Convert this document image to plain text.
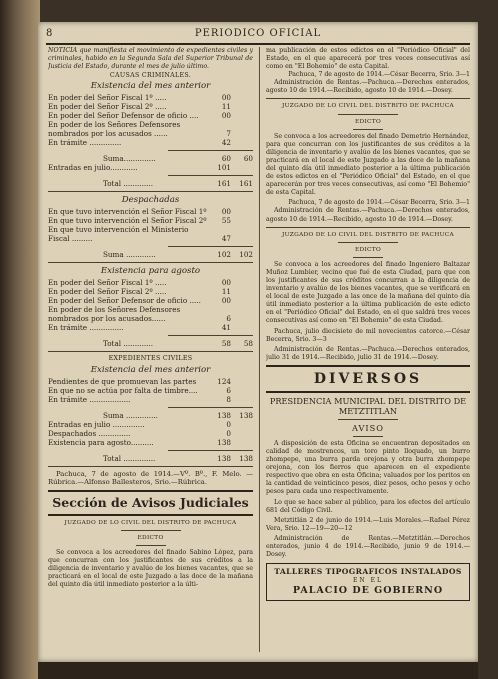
8	PERIODICO OFICIAL
NOTICIA que manifiesta el movimiento de expedientes civiles y criminales, habido en la Segunda Sala del Superior Tribunal de Justicia del Estado, durante el mes de julio último.
CAUSAS CRIMINALES.
Existencia del mes anterior
En poder del Señor Fiscal 1º .....	00
En poder del Señor Fiscal 2º .....	11
En poder del Señor Defensor de oficio ....	00
En poder de los Señores Defensores nombrados por los acusados ......	7
En trámite ..............	42
Suma..............	60	60
Entradas en julio............	101
Total .............	161	161
Despachadas
En que tuvo intervención el Señor Fiscal 1º	00
En que tuvo intervención el Señor Fiscal 2º	55
En que tuvo intervención el Ministerio Fiscal .........	47
Suma .............	102	102
Existencia para agosto
En poder del Señor Fiscal 1º .....	00
En poder del Señor Fiscal 2º .....	11
En poder del Señor Defensor de oficio .....	00
En poder de los Señores Defensores nombrados por los acusados......	6
En trámite ...............	41
Total .............	58	58
EXPEDIENTES CIVILES
Existencia del mes anterior
Pendientes de que promuevan las partes	124
En que no se actúa por falta de timbre....	6
En trámite ..................	8
Suma ..............	138	138
Entradas en julio ..............	0
Despachados ..............	0
Existencia para agosto..........	138
Total ..............	138	138
Pachuca, 7 de agosto de 1914.—Vº. Bº., F. Melo. —Rúbrica.—Alfonso Ballesteros, Srio.—Rúbrica.
Sección de Avisos Judiciales
JUZGADO DE LO CIVIL DEL DISTRITO DE PACHUCA
EDICTO

Se convoca a los acreedores del finado Sabino López, para que concurran con los justificantes de sus créditos a la diligencia de inventario y avalúo de los bienes vacantes, que se practicará en el local de este Juzgado a las doce de la mañana del quinto día útil inmediato posterior a la últi-

ma publicación de estos edictos en el "Periódico Oficial" del Estado, en el que aparecerá por tres veces consecutivas así como en "El Bohemio" de esta Capital.
Pachuca, 7 de agosto de 1914.—César Becerra, Srio. 3—1

Administración de Rentas.—Pachuca.—Derechos enterados, agosto 10 de 1914.—Recibido, agosto 10 de 1914.—Dosey.

JUZGADO DE LO CIVIL DEL DISTRITO DE PACHUCA
EDICTO

Se convoca a los acreedores del finado Demetrio Hernández, para que concurran con los justificantes de sus créditos a la diligencia de inventario y avalúo de los bienes vacantes, que se practicará en el local de este Juzgado a las doce de la mañana del quinto día útil inmediato posterior a la última publicación de estos edictos en el "Periódico Oficial" del Estado, en el que aparecerán por tres veces consecutivas, así como "El Bohemio" de esta Capital.

Pachuca, 7 de agosto de 1914.—César Becerra, Srio. 3—1

Administración de Rentas.—Pachuca.—Derechos enterados, agosto 10 de 1914.—Recibido, agosto 10 de 1914.—Dosey.

JUZGADO DE LO CIVIL DEL DISTRITO DE PACHUCA
EDICTO

Se convoca a los acreedores del finado Ingeniero Baltazar Muñoz Lumbier, vecino que fué de esta Ciudad, para que con los justificantes de sus créditos concurran a la diligencia de inventario y avalúo de los bienes vacantes, que se verificará en el local de este Juzgado a las once de la mañana del quinto día útil inmediato posterior a la última publicación de este edicto en el "Periódico Oficial" del Estado, en el que saldrá tres veces consecutivas así como en "El Bohemio" de esta Ciudad.

Pachuca, julio diecisiete de mil novecientos catorce.—César Becerra, Srio. 3—3

Administración de Rentas.—Pachuca.—Derechos enterados, julio 31 de 1914.—Recibido, julio 31 de 1914.—Dosey.

DIVERSOS
PRESIDENCIA MUNICIPAL DEL DISTRITO DE METZTITLAN
AVISO

A disposición de esta Oficina se encuentran depositados en calidad de mostrencos, un toro pinto lloquado, un burro zhompepe, una burra parda orejona y otra burra zhompepe orejona, con los fierros que aparecen en el expediente respectivo que obra en esta Oficina; valuados por los peritos en la cantidad de veinticinco pesos, diez pesos, ocho pesos y ocho pesos para cada uno respectivamente.

Lo que se hace saber al público, para los efectos del artículo 681 del Código Civil.

Metztitlán 2 de junio de 1914.—Luis Morales.—Rafael Pérez Vera, Srio. 12—19—20—12

Administración de Rentas.—Metztitlán.—Derechos enterados, junio 4 de 1914.—Recibido, junio 9 de 1914.—Dosey.

TALLERES TIPOGRAFICOS INSTALADOS
EN EL
PALACIO DE GOBIERNO
